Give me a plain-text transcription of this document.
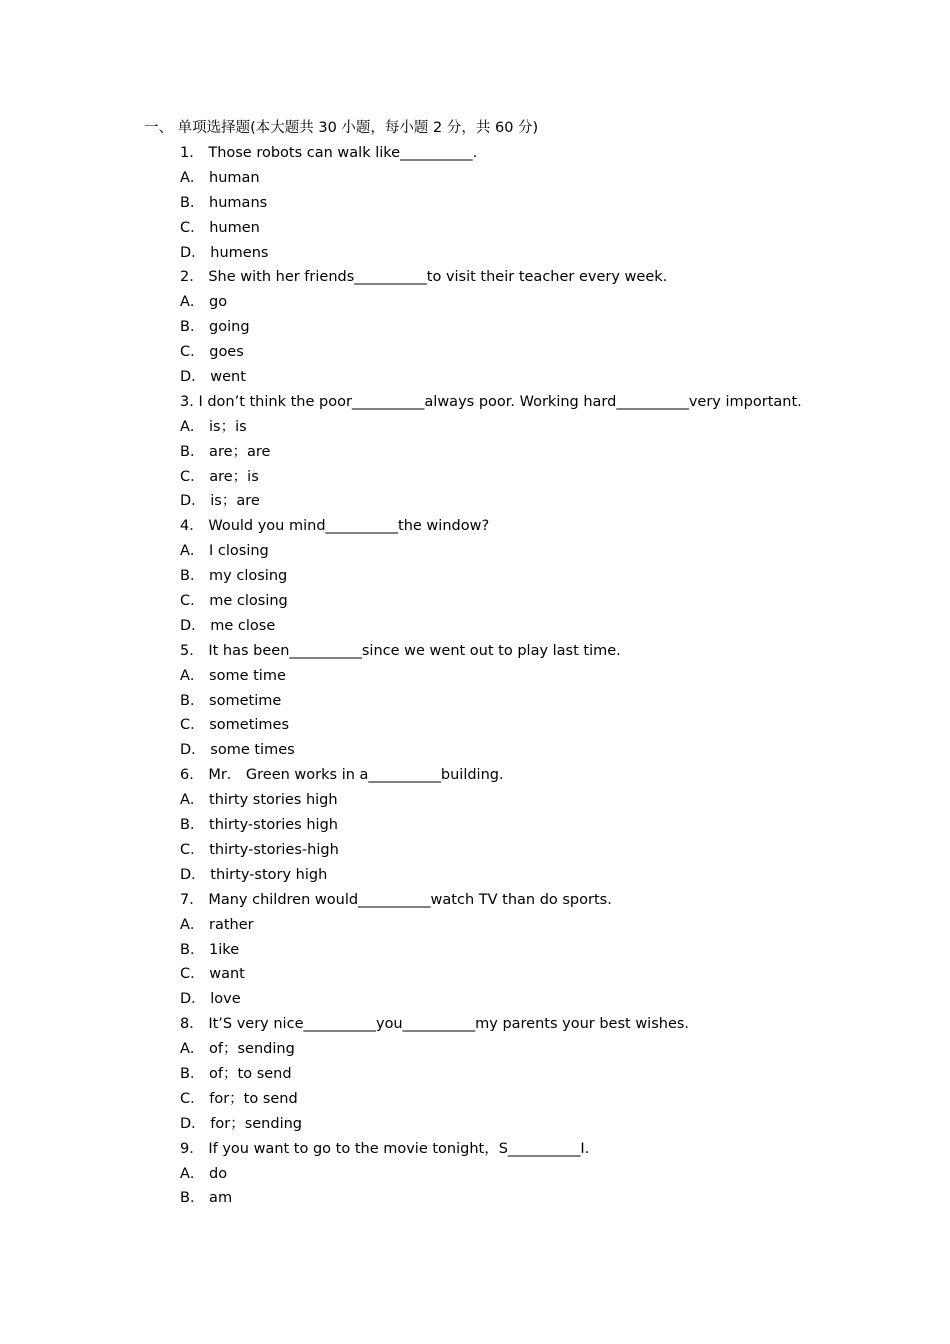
一、 单项选择题(本大题共 30 小题，每小题 2 分，共 60 分)
1． Those robots can walk like__________.
A． human
B． humans
C． humen
D． humens
2． She with her friends__________to visit their teacher every week.
A． go
B． going
C． goes
D． went
3. I don’t think the poor__________always poor. Working hard__________very important.
A． is；is
B． are；are
C． are；is
D． is；are
4． Would you mind__________the window?
A． I closing
B． my closing
C． me closing
D． me close
5． It has been__________since we went out to play last time.
A． some time
B． sometime
C． sometimes
D． some times
6． Mr． Green works in a__________building.
A． thirty stories high
B． thirty-stories high
C． thirty-stories-high
D． thirty-story high
7． Many children would__________watch TV than do sports.
A． rather
B． 1ike
C． want
D． love
8． It’S very nice__________you__________my parents your best wishes.
A． of；sending
B． of；to send
C． for；to send
D． for；sending
9． If you want to go to the movie tonight，S__________I.
A． do
B． am
